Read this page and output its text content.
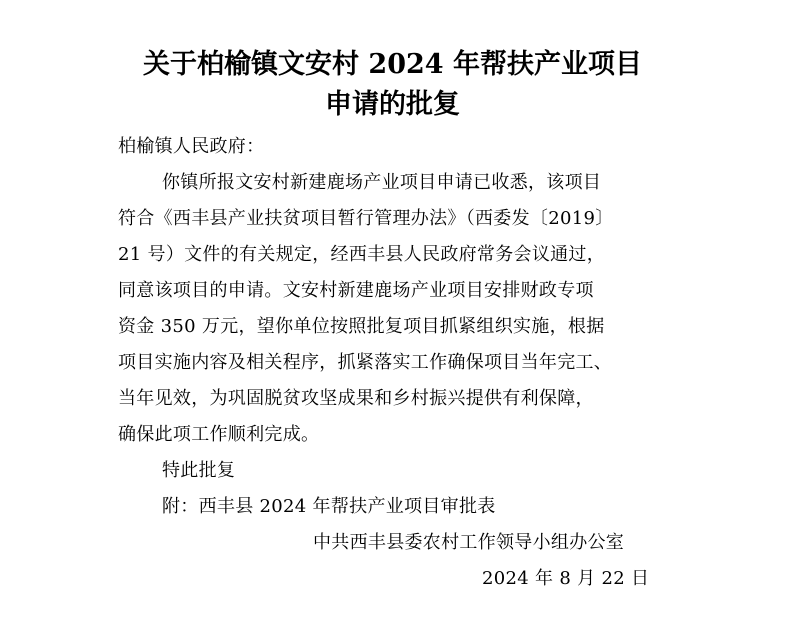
关于柏榆镇文安村 2024 年帮扶产业项目
申请的批复
柏榆镇人民政府：
你镇所报文安村新建鹿场产业项目申请已收悉，该项目
符合《西丰县产业扶贫项目暂行管理办法》（西委发〔2019〕
21 号）文件的有关规定，经西丰县人民政府常务会议通过，
同意该项目的申请。文安村新建鹿场产业项目安排财政专项
资金 350 万元，望你单位按照批复项目抓紧组织实施，根据
项目实施内容及相关程序，抓紧落实工作确保项目当年完工、
当年见效，为巩固脱贫攻坚成果和乡村振兴提供有利保障，
确保此项工作顺利完成。
特此批复
附：西丰县 2024 年帮扶产业项目审批表
中共西丰县委农村工作领导小组办公室
2024 年 8 月 22 日
